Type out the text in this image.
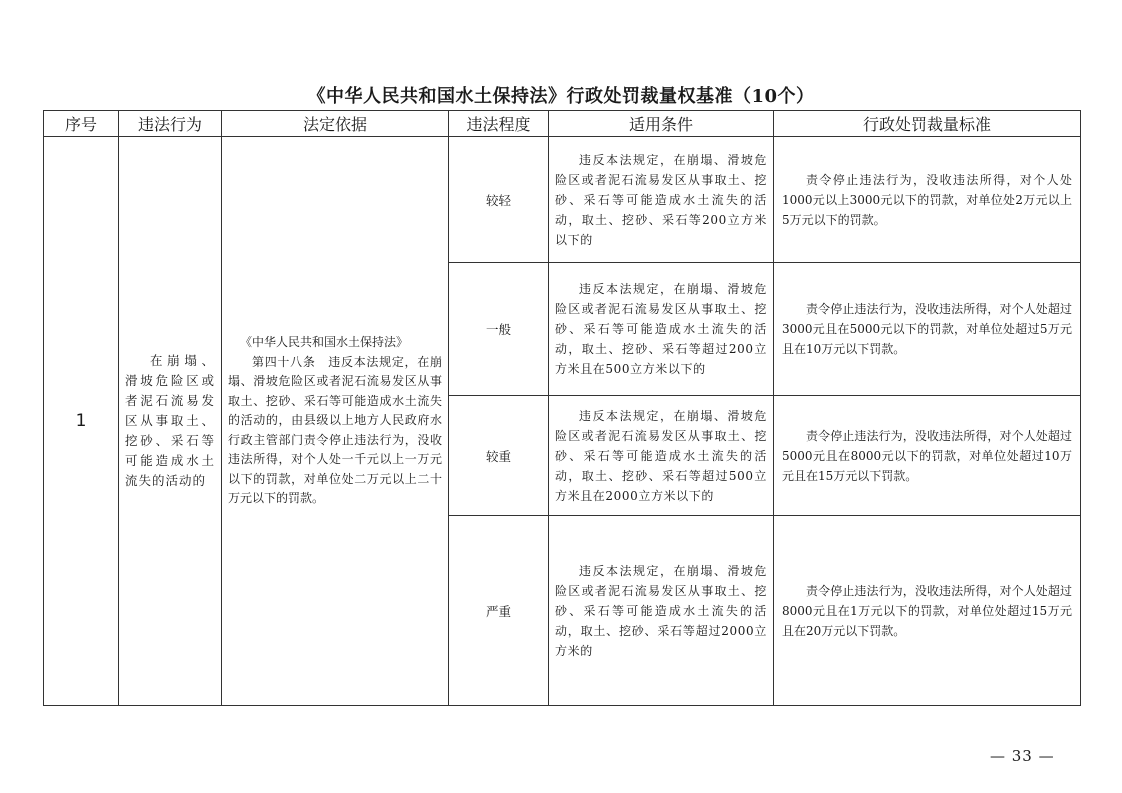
《中华人民共和国水土保持法》行政处罚裁量权基准（10个）
序号	违法行为	法定依据	违法程度	适用条件	行政处罚裁量标准
1	在崩塌、滑坡危险区或者泥石流易发区从事取土、挖砂、采石等可能造成水土流失的活动的	《中华人民共和国水土保持法》
第四十八条　违反本法规定，在崩塌、滑坡危险区或者泥石流易发区从事取土、挖砂、采石等可能造成水土流失的活动的，由县级以上地方人民政府水行政主管部门责令停止违法行为，没收违法所得，对个人处一千元以上一万元以下的罚款，对单位处二万元以上二十万元以下的罚款。	较轻	违反本法规定，在崩塌、滑坡危险区或者泥石流易发区从事取土、挖砂、采石等可能造成水土流失的活动，取土、挖砂、采石等200立方米以下的	责令停止违法行为，没收违法所得，对个人处1000元以上3000元以下的罚款，对单位处2万元以上5万元以下的罚款。
			一般	违反本法规定，在崩塌、滑坡危险区或者泥石流易发区从事取土、挖砂、采石等可能造成水土流失的活动，取土、挖砂、采石等超过200立方米且在500立方米以下的	责令停止违法行为，没收违法所得，对个人处超过3000元且在5000元以下的罚款，对单位处超过5万元且在10万元以下罚款。
			较重	违反本法规定，在崩塌、滑坡危险区或者泥石流易发区从事取土、挖砂、采石等可能造成水土流失的活动，取土、挖砂、采石等超过500立方米且在2000立方米以下的	责令停止违法行为，没收违法所得，对个人处超过5000元且在8000元以下的罚款，对单位处超过10万元且在15万元以下罚款。
			严重	违反本法规定，在崩塌、滑坡危险区或者泥石流易发区从事取土、挖砂、采石等可能造成水土流失的活动，取土、挖砂、采石等超过2000立方米的	责令停止违法行为，没收违法所得，对个人处超过8000元且在1万元以下的罚款，对单位处超过15万元且在20万元以下罚款。
— 33 —
